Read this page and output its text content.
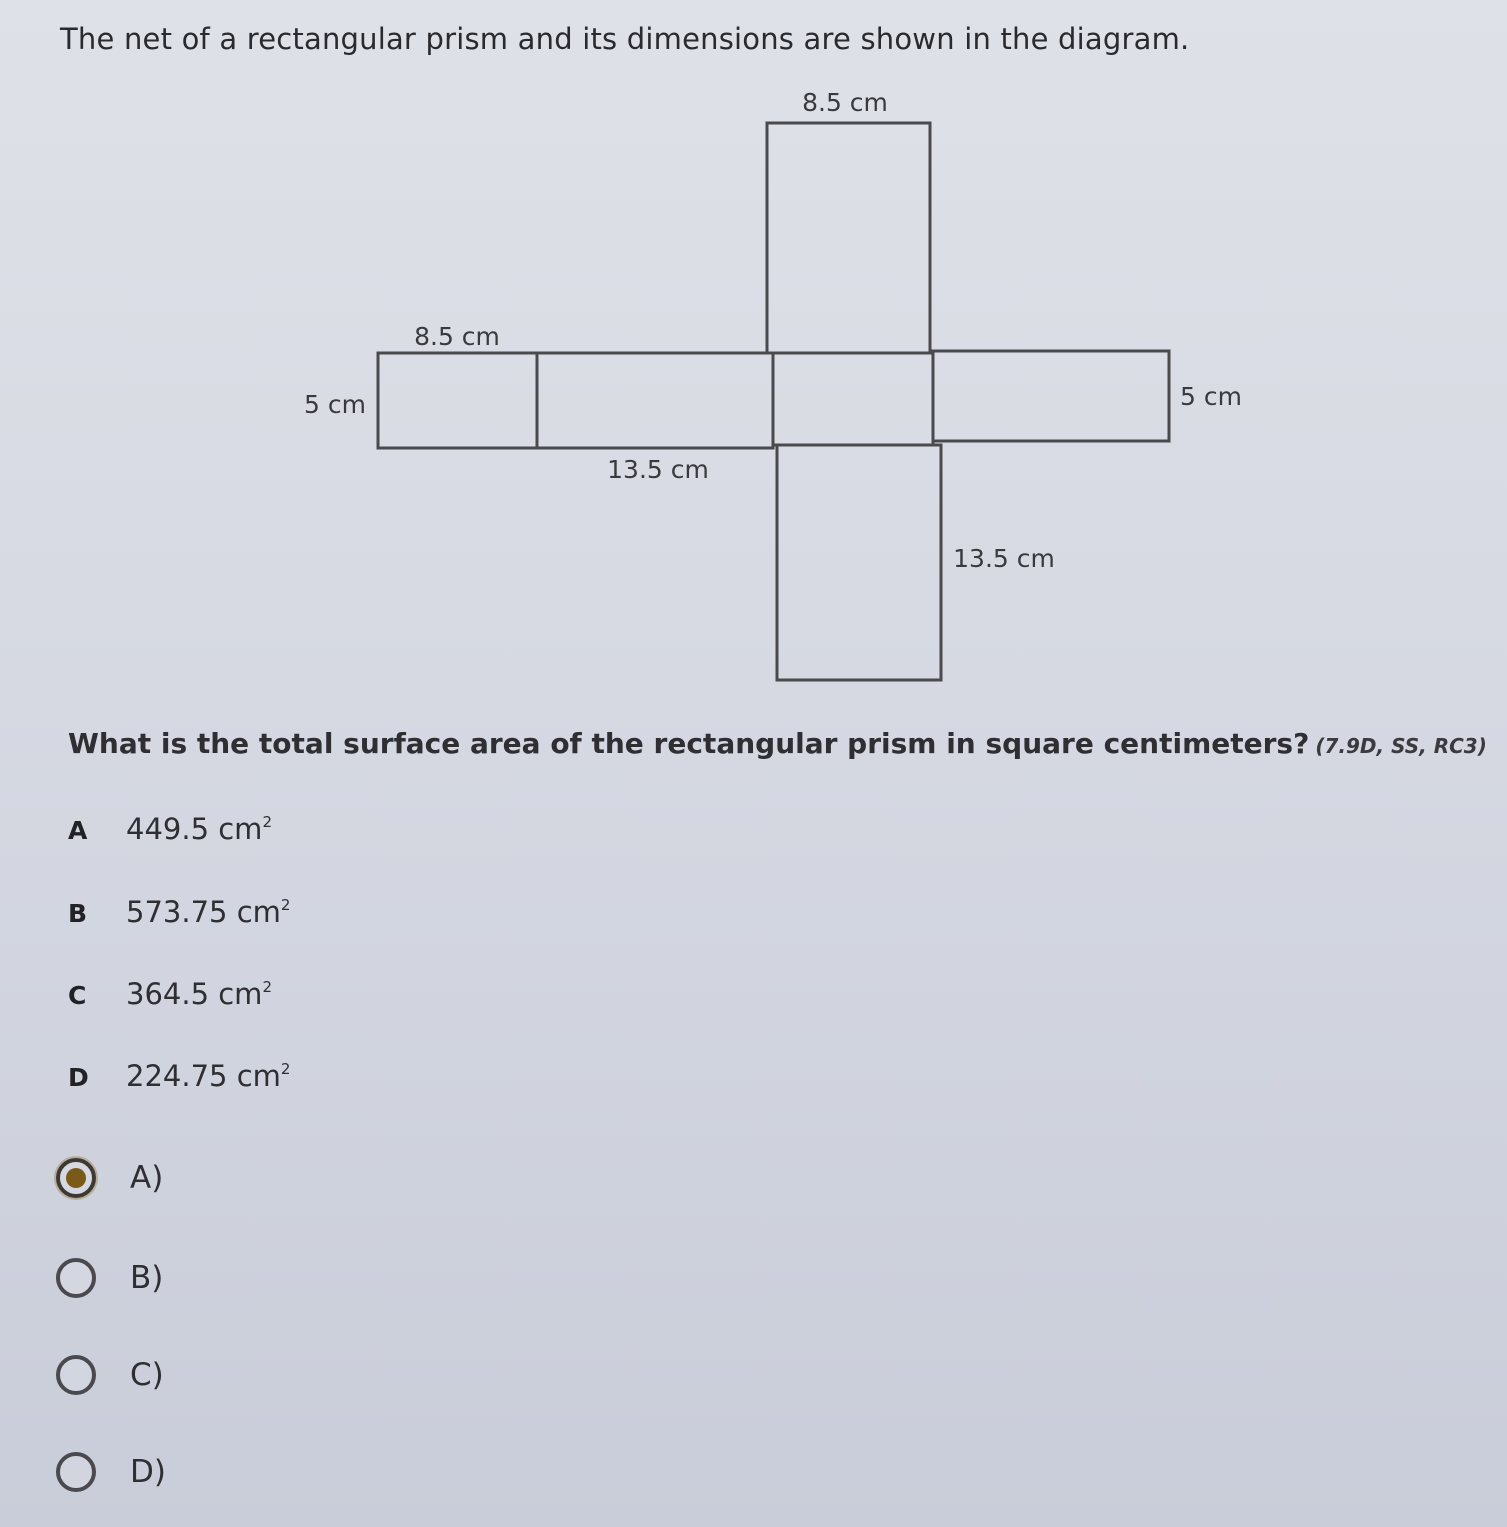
The net of a rectangular prism and its dimensions are shown in the diagram.
8.5 cm
8.5 cm
5 cm	5 cm
13.5 cm
13.5 cm
What is the total surface area of the rectangular prism in square centimeters? (7.9D, SS, RC3)
A	449.5 $cm^2$
B	573.75 $cm^2$
C	364.5 $cm^2$
D	224.75 $cm^2$
A)
B)
C)
D)
